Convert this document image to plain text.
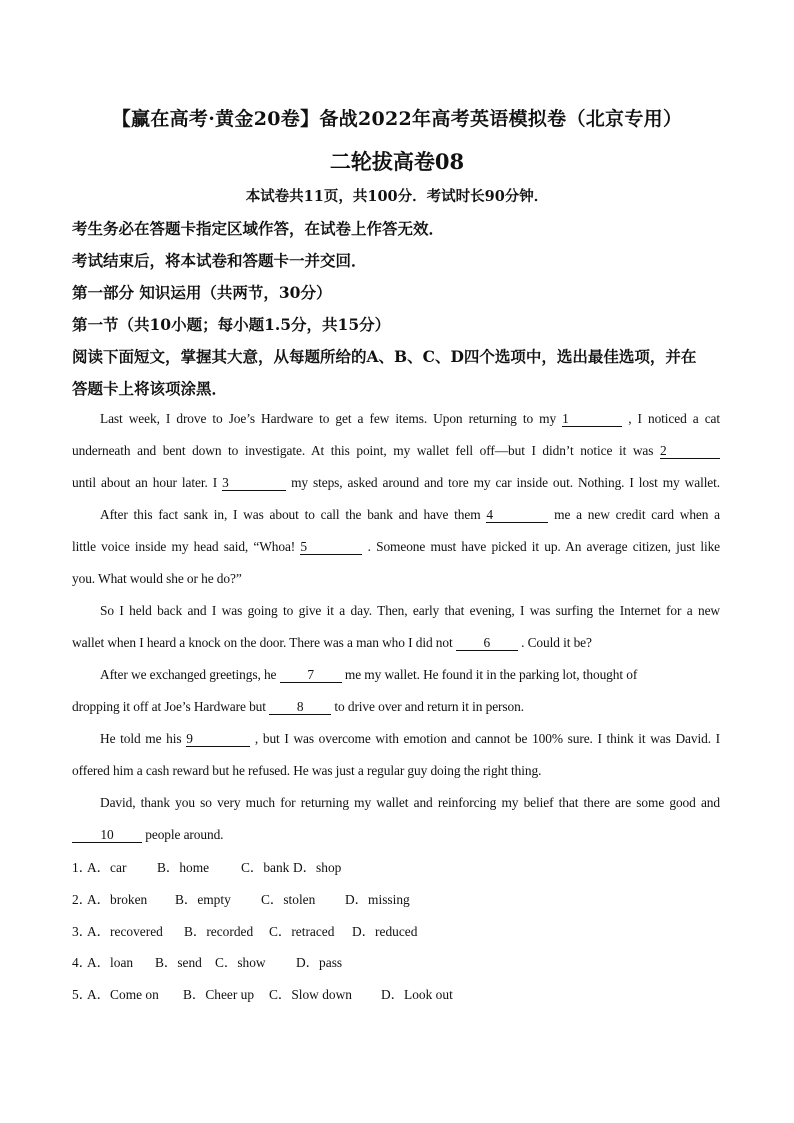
【赢在高考·黄金20卷】备战2022年高考英语模拟卷（北京专用）
二轮拔高卷08
本试卷共11页，共100分．考试时长90分钟．
考生务必在答题卡指定区域作答，在试卷上作答无效．
考试结束后，将本试卷和答题卡一并交回．
第一部分 知识运用（共两节，30分）
第一节（共10小题；每小题1.5分，共15分）
阅读下面短文，掌握其大意，从每题所给的A、B、C、D四个选项中，选出最佳选项，并在
答题卡上将该项涂黑．
Last week, I drove to Joe’s Hardware to get a few items. Upon returning to my 1	, I noticed a cat
underneath and bent down to investigate. At this point, my wallet fell off—but I didn’t notice it was 2
until about an hour later. I 3	my steps, asked around and tore my car inside out. Nothing. I lost my wallet.
After this fact sank in, I was about to call the bank and have them 4	me a new credit card when a
little voice inside my head said, “Whoa! 5	. Someone must have picked it up. An average citizen, just like
you. What would she or he do?”
So I held back and I was going to give it a day. Then, early that evening, I was surfing the Internet for a new
wallet when I heard a knock on the door. There was a man who I did not 6 . Could it be?
After we exchanged greetings, he 7 me my wallet. He found it in the parking lot, thought of
dropping it off at Joe’s Hardware but 8 to drive over and return it in person.
He told me his 9	, but I was overcome with emotion and cannot be 100% sure. I think it was David. I
offered him a cash reward but he refused. He was just a regular guy doing the right thing.
David, thank you so very much for returning my wallet and reinforcing my belief that there are some good and
10 people around.
1．A．car B．home C．bank D．shop
2．A．broken B．empty C．stolen D．missing
3．A．recovered B．recorded C．retraced D．reduced
4．A．loan B．send C．show D．pass
5．A．Come on B．Cheer up C．Slow down D．Look out
